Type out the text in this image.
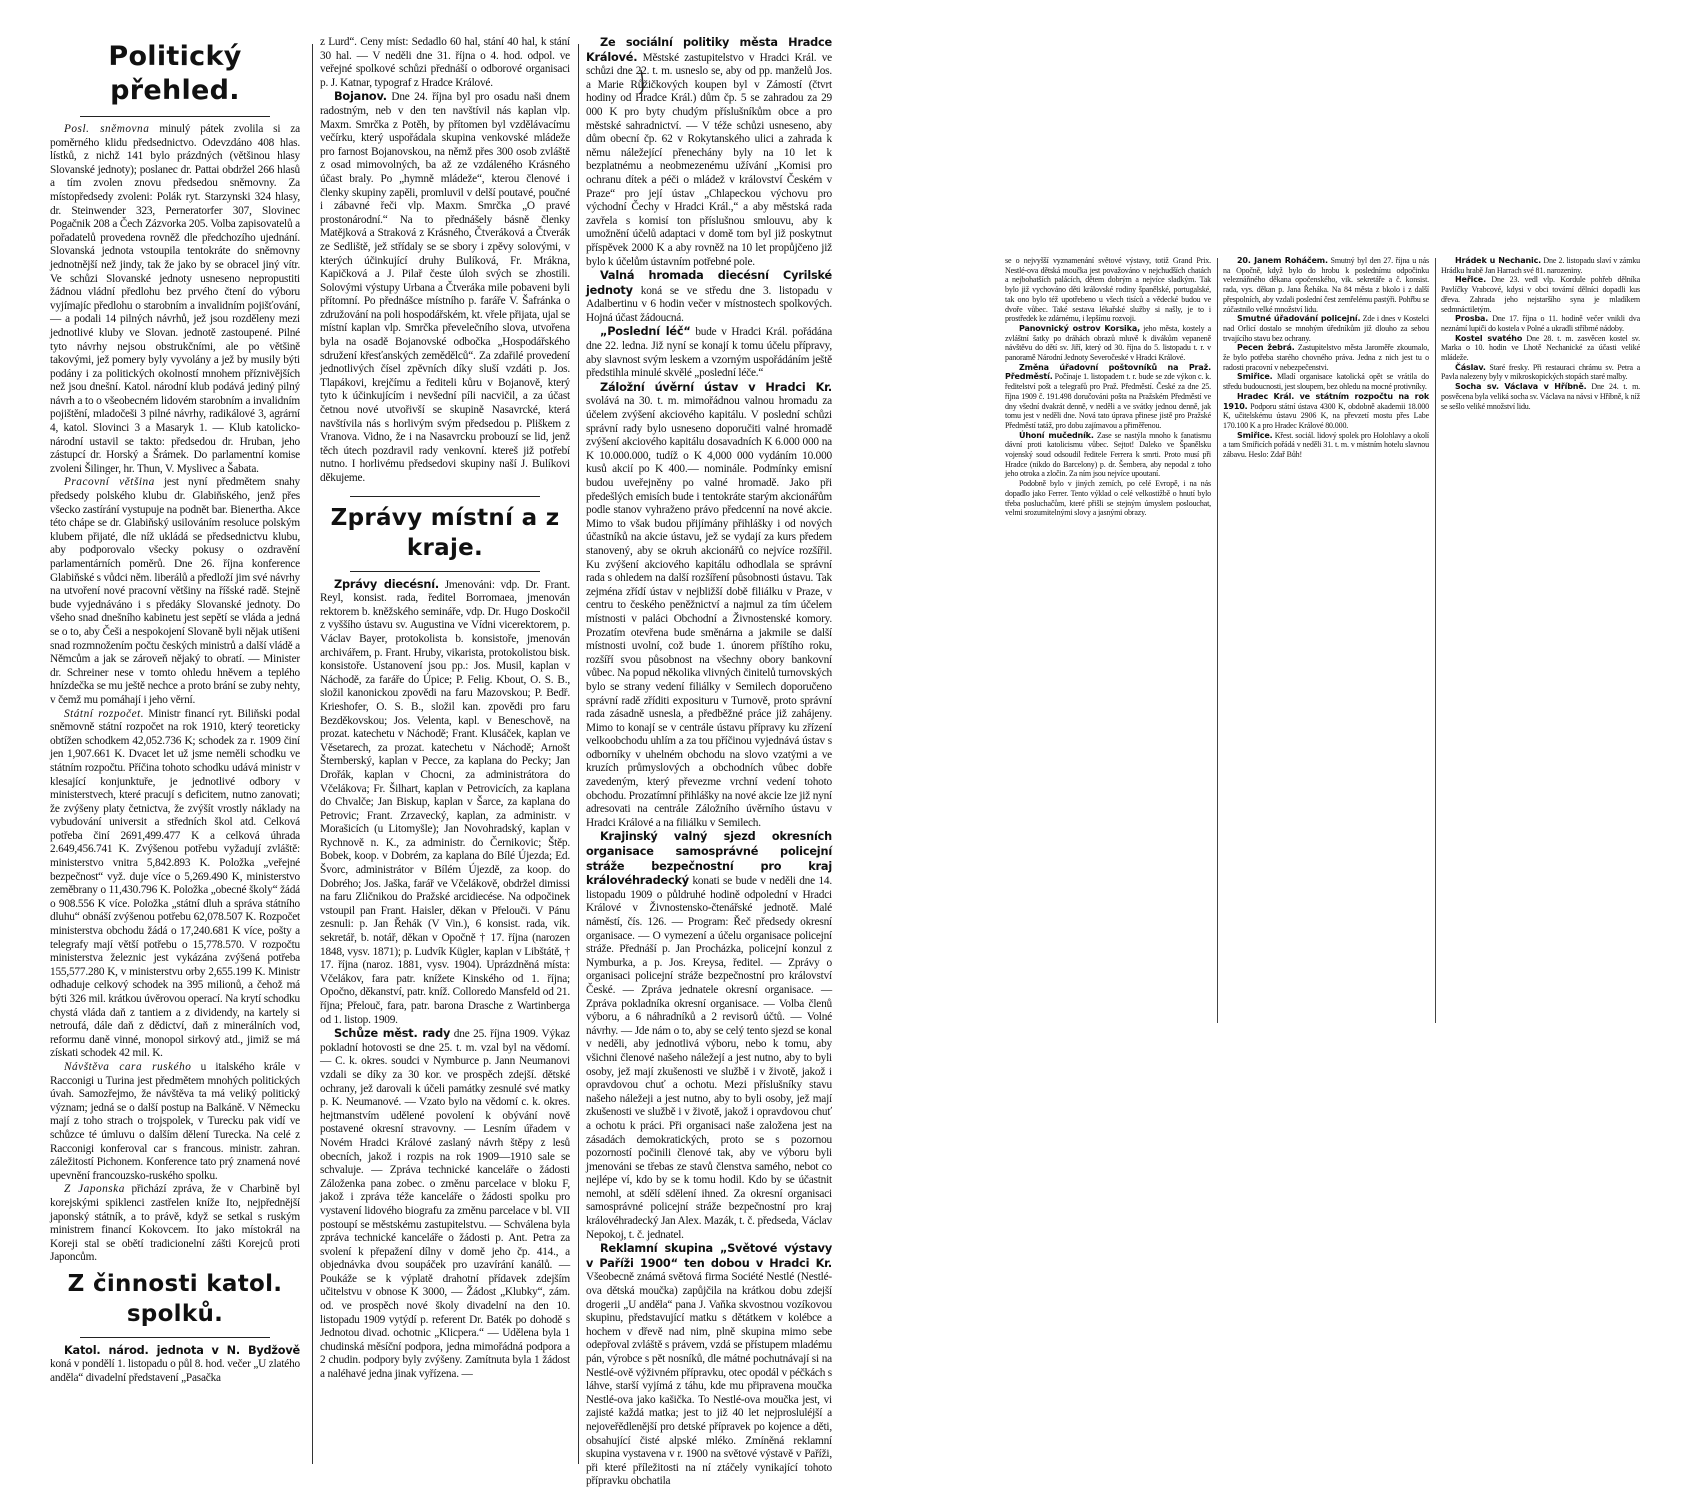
Politický přehled.

Posl. sněmovna minulý pátek zvolila si za poměrného klidu předsednictvo. Odevzdáno 408 hlas. lístků, z nichž 141 bylo prázdných (většinou hlasy Slovanské jednoty); poslanec dr. Pattai obdržel 266 hlasů a tím zvolen znovu předsedou sněmovny. Za místopředsedy zvoleni: Polák ryt. Starzynski 324 hlasy, dr. Steinwender 323, Perneratorfer 307, Slovinec Pogačnik 208 a Čech Zázvorka 205. Volba zapisovatelů a pořadatelů provedena rovněž dle předchozího ujednání. Slovanská jednota vstoupila tentokráte do sněmovny jednotnější než jindy, tak že jako by se obracel jiný vítr. Ve schůzi Slovanské jednoty usneseno nepropustiti žádnou vládní předlohu bez prvého čtení do výboru vyjímajíc předlohu o starobním a invalidním pojišťování, — a podali 14 pilných návrhů, jež jsou rozděleny mezi jednotlivé kluby ve Slovan. jednotě zastoupené. Pilné tyto návrhy nejsou obstrukčními, ale po většině takovými, jež pomery byly vyvolány a jež by musily býti podány i za politických okolností mnohem příznivějších než jsou dnešní. Katol. národní klub podává jediný pilný návrh a to o všeobecném lidovém starobním a invalidním pojištění, mladočeši 3 pilné návrhy, radikálové 3, agrární 4, katol. Slovinci 3 a Masaryk 1. — Klub katolicko-národní ustavil se takto: předsedou dr. Hruban, jeho zástupcí dr. Horský a Šrámek. Do parlamentní komise zvoleni Šilinger, hr. Thun, V. Myslivec a Šabata.

Pracovní většina jest nyní předmětem snahy předsedy polského klubu dr. Glabiňského, jenž přes všecko zastírání vystupuje na podnět bar. Bienertha. Akce této chápe se dr. Glabiňský usilováním resoluce polským klubem přijaté, dle níž ukládá se předsednictvu klubu, aby podporovalo všecky pokusy o ozdravění parlamentárních poměrů. Dne 26. října konference Glabiňské s vůdci něm. liberálů a předloží jim své návrhy na utvoření nové pracovní většiny na říšské radě. Stejně bude vyjednáváno i s předáky Slovanské jednoty. Do všeho snad dnešního kabinetu jest sepětí se vláda a jedná se o to, aby Češi a nespokojení Slovaně byli nějak utišeni snad rozmnožením počtu českých ministrů a další vládě a Němcům a jak se zároveň nějaký to obratí. — Minister dr. Schreiner nese v tomto ohledu hněvem a teplého hnízdečka se mu ještě nechce a proto brání se zuby nehty, v čemž mu pomáhají i jeho věrní.

Státní rozpočet. Ministr financí ryt. Biliňski podal sněmovně státní rozpočet na rok 1910, který teoreticky obtížen schodkem 42,052.736 K; schodek za r. 1909 činí jen 1,907.661 K. Dvacet let už jsme neměli schodku ve státním rozpočtu. Příčina tohoto schodku udává ministr v klesající konjunktuře, je jednotlivé odbory v ministerstvech, které pracují s deficitem, nutno zanovati; že zvýšeny platy četnictva, že zvýšít vrostly náklady na vybudování universit a středních škol atd. Celková potřeba činí 2691,499.477 K a celková úhrada 2.649,456.741 K. Zvýšenou potřebu vyžadují zvláště: ministerstvo vnitra 5,842.893 K. Položka „veřejné bezpečnost“ vyž. duje více o 5,269.490 K, ministerstvo zeměbrany o 11,430.796 K. Položka „obecné školy“ žádá o 908.556 K více. Položka „státní dluh a správa státního dluhu“ obnáší zvýšenou potřebu 62,078.507 K. Rozpočet ministerstva obchodu žádá o 17,240.681 K více, pošty a telegrafy mají větší potřebu o 15,778.570. V rozpočtu ministerstva železnic jest vykázána zvýšená potřeba 155,577.280 K, v ministerstvu orby 2,655.199 K. Ministr odhaduje celkový schodek na 395 milionů, a čehož má býti 326 mil. krátkou úvěrovou operací. Na krytí schodku chystá vláda daň z tantiem a z dividendy, na kartely si netroufá, dále daň z dědictví, daň z minerálních vod, reformu daně vinné, monopol sirkový atd., jimiž se má získati schodek 42 mil. K.

Návštěva cara ruského u italského krále v Racconigi u Turina jest předmětem mnohých politických úvah. Samozřejmo, že návštěva ta má veliký politický význam; jedná se o další postup na Balkáně. V Německu mají z toho strach o trojspolek, v Turecku pak vidí ve schůzce té úmluvu o dalším dělení Turecka. Na celé z Racconigi konferoval car s francous. ministr. zahran. záležitostí Pichonem. Konference tato prý znamená nové upevnění francouzsko-ruského spolku.

Z Japonska přichází zpráva, že v Charbině byl korejskými spiklenci zastřelen kníže Ito, nejpřednější japonský státník, a to právě, když se setkal s ruským ministrem financí Kokovcem. Ito jako místokrál na Koreji stal se obětí tradicionelní zášti Korejců proti Japoncům.

Z činnosti katol. spolků.

Katol. národ. jednota v N. Bydžově koná v pondělí 1. listopadu o půl 8. hod. večer „U zlatého anděla“ divadelní představení „Pasačka

z Lurd“. Ceny míst: Sedadlo 60 hal, stání 40 hal, k stání 30 hal. — V neděli dne 31. října o 4. hod. odpol. ve veřejné spolkové schůzi přednáší o odborové organisaci p. J. Katnar, typograf z Hradce Králové.

Bojanov. Dne 24. října byl pro osadu naši dnem radostným, neb v den ten navštívil nás kaplan vlp. Maxm. Smrčka z Potěh, by přítomen byl vzdělávacímu večírku, který uspořádala skupina venkovské mládeže pro farnost Bojanovskou, na němž přes 300 osob zvláště z osad mimovolných, ba až ze vzdáleného Krásného účast braly. Po „hymně mládeže“, kterou členové i členky skupiny zapěli, promluvil v delší poutavé, poučné i zábavné řeči vlp. Maxm. Smrčka „O pravé prostonárodní.“ Na to přednášely básně členky Matějková a Straková z Krásného, Čtveráková a Čtverák ze Sedliště, jež střídaly se se sbory i zpěvy solovými, v kterých účinkující druhy Bulíková, Fr. Mrákna, Kapičková a J. Pilař česte úloh svých se zhostili. Solovými výstupy Urbana a Čtveráka mile pobaveni byli přítomní. Po přednášce místního p. faráře V. Šafránka o združování na poli hospodářském, kt. vřele přijata, ujal se místní kaplan vlp. Smrčka převelečního slova, utvořena byla na osadě Bojanovské odbočka „Hospodářského sdružení křesťanských zemědělců“. Za zdařilé provedení jednotlivých čísel zpěvních díky sluší vzdáti p. Jos. Tlapákovi, krejčímu a řediteli kůru v Bojanově, který tyto k účinkujícím i nevšední píli nacvičil, a za účast četnou nové utvořivší se skupině Nasavrcké, která navštívila nás s horlivým svým předsedou p. Pliškem z Vranova. Vidno, že i na Nasavrcku probouzí se lid, jenž těch útech pozdravil rady venkovní. ktereš již potřebí nutno. I horlivému předsedovi skupiny naší J. Bulíkovi děkujeme.

Zprávy místní a z kraje.

Zprávy diecésní. Jmenováni: vdp. Dr. Frant. Reyl, konsist. rada, ředitel Borromaea, jmenován rektorem b. kněžského semináře, vdp. Dr. Hugo Doskočil z vyššího ústavu sv. Augustina ve Vídni vicerektorem, p. Václav Bayer, protokolista b. konsistoře, jmenován archivářem, p. Frant. Hruby, vikarista, protokolistou bisk. konsistoře. Ustanovení jsou pp.: Jos. Musil, kaplan v Náchodě, za faráře do Úpice; P. Felig. Kbout, O. S. B., složil kanonickou zpovědi na faru Mazovskou; P. Bedř. Krieshofer, O. S. B., složil kan. zpovědi pro faru Bezděkovskou; Jos. Velenta, kapl. v Beneschově, na prozat. katechetu v Náchodě; Frant. Klusáček, kaplan ve Věsetarech, za prozat. katechetu v Náchodě; Arnošt Šternberský, kaplan v Pecce, za kaplana do Pecky; Jan Drořák, kaplan v Chocni, za administrátora do Včelákova; Fr. Šilhart, kaplan v Petrovicích, za kaplana do Chvalče; Jan Biskup, kaplan v Šarce, za kaplana do Petrovic; Frant. Zrzavecký, kaplan, za administr. v Morašicích (u Litomyšle); Jan Novohradský, kaplan v Rychnově n. K., za administr. do Černikovic; Štěp. Bobek, koop. v Dobrém, za kaplana do Bílé Újezda; Ed. Švorc, administrátor v Bílém Újezdě, za koop. do Dobrého; Jos. Jaška, farář ve Včelákově, obdržel dimissi na faru Zličnikou do Pražské arcidiecése. Na odpočinek vstoupil pan Frant. Haisler, děkan v Přelouči. V Pánu zesnuli: p. Jan Řehák (V Vin.), 6 konsist. rada, vik. sekretář, b. notář, děkan v Opočně † 17. října (narozen 1848, vysv. 1871); p. Ludvík Kügler, kaplan v Libštátě, † 17. října (naroz. 1881, vysv. 1904). Uprázdněná místa: Včelákov, fara patr. knížete Kinského od 1. října; Opočno, děkanství, patr. kníž. Colloredo Mansfeld od 21. října; Přelouč, fara, patr. barona Drasche z Wartinberga od 1. listop. 1909.

Schůze měst. rady dne 25. října 1909. Výkaz pokladní hotovosti se dne 25. t. m. vzal byl na vědomí. — C. k. okres. soudci v Nymburce p. Jann Neumanovi vzdali se díky za 30 kor. ve prospěch zdejší. dětské ochrany, jež darovali k účeli památky zesnulé své matky p. K. Neumanové. — Vzato bylo na vědomí c. k. okres. hejtmanstvím udělené povolení k obývání nově postavené okresní stravovny. — Lesním úřadem v Novém Hradci Králové zaslaný návrh štěpy z lesů obecních, jakož i rozpis na rok 1909—1910 sale se schvaluje. — Zpráva technické kanceláře o žádosti Záloženka pana zobec. o změnu parcelace v bloku F, jakož i zpráva téže kanceláře o žádosti spolku pro vystavení lidového biografu za změnu parcelace v bl. VII postoupí se městskému zastupitelstvu. — Schválena byla zpráva technické kanceláře o žádosti p. Ant. Petra za svolení k přepažení dílny v domě jeho čp. 414., a objednávka dvou soupáček pro uzavírání kanálů. — Poukáže se k výplatě drahotní přídavek zdejším učitelstvu v obnose K 3000, — Žádost „Klubky“, zám. od. ve prospěch nové školy divadelní na den 10. listopadu 1909 vytýdí p. referent Dr. Baték po dohodě s Jednotou divad. ochotnic „Klicperа.“ — Udělena byla 1 chudinská měsíční podpora, jedna mimořádná podpora a 2 chudin. podpory byly zvýšeny. Zamítnuta byla 1 žádost a naléhavé jedna jinak vyřízena. —

Ze sociální politiky města Hradce Králové. Městské zastupitelstvo v Hradci Král. ve schůzi dne 22. t. m. usneslo se, aby od pp. manželů Jos. a Marie Růžičkových koupen byl v Zámostí (čtvrt hodiny od Hradce Král.) dům čp. 5 se zahradou za 29 000 K pro byty chudým příslušníkům obce a pro městské sahradnictví. — V téže schůzi usneseno, aby dům obecní čp. 62 v Rokytanského ulici a zahrada k němu náležející přenechány byly na 10 let k bezplatnému a neobmezenému užívání „Komisi pro ochranu dítek a péči o mládež v království Českém v Praze“ pro její ústav „Chlapeckou výchovu pro východní Čechy v Hradci Král.,“ a aby městská rada zavřela s komisí ton příslušnou smlouvu, aby k umožnění účelů adaptaci v domě tom byl již poskytnut příspěvek 2000 K a aby rovněž na 10 let propůjčeno již bylo k účelům ústavním potřebné pole.

Valná hromada diecésní Cyrilské jednoty koná se ve středu dne 3. listopadu v Adalbertinu v 6 hodin večer v místnostech spolkových. Hojná účast žádoucná.

„Poslední léč“ bude v Hradci Král. pořádána dne 22. ledna. Již nyní se konají k tomu účelu přípravy, aby slavnost svým leskem a vzorným uspořádáním ještě předstihla minulé skvělé „poslední léče.“

Záložní úvěrní ústav v Hradci Kr. svolává na 30. t. m. mimořádnou valnou hromadu za účelem zvýšení akciového kapitálu. V poslední schůzi správní rady bylo usneseno doporučiti valné hromadě zvýšení akciového kapitálu dosavadních K 6.000 000 na K 10.000.000, tudíž o K 4,000 000 vydáním 10.000 kusů akcií po K 400.— nominále. Podmínky emisní budou uveřejněny po valné hromadě. Jako při předešlých emisích bude i tentokráte starým akcionářům podle stanov vyhraženo právo předcenní na nové akcie. Mimo to však budou přijímány přihlášky i od nových účastníků na akcie ústavu, jež se vydají za kurs předem stanovený, aby se okruh akcionářů co nejvíce rozšířil. Ku zvýšení akciového kapitálu odhodlala se správní rada s ohledem na další rozšíření působnosti ústavu. Tak zejména zřídí ústav v nejbližší době filiálku v Praze, v centru to českého peněžnictví a najmul za tím účelem místnosti v paláci Obchodní a Živnostenské komory. Prozatím otevřena bude směnárna a jakmile se další místnosti uvolní, což bude 1. únorem příštího roku, rozšíří svou působnost na všechny obory bankovní vůbec. Na popud několika vlivných činitelů turnovských bylo se strany vedení filiálky v Semilech doporučeno správní radě zříditi exposituru v Turnově, proto správní rada zásadně usnesla, a předběžné práce již zahájeny. Mimo to konají se v centrále ústavu přípravy ku zřízení velkoobchodu uhlím a za tou příčinou vyjednává ústav s odborníky v uhelném obchodu na slovo vzatými a ve kruzích průmyslových a obchodních vůbec dobře zavedeným, který převezme vrchní vedení tohoto obchodu. Prozatímní přihlášky na nové akcie lze již nyní adresovati na centrále Záložního úvěrního ústavu v Hradci Králové a na filiálku v Semilech.

Krajinský valný sjezd okresních organisace samosprávné policejní stráže bezpečnostní pro kraj královéhradecký konati se bude v neděli dne 14. listopadu 1909 o půldruhé hodině odpolední v Hradci Králové v Živnostensko-čtenářské jednotě. Malé náměstí, čís. 126. — Program: Řeč předsedy okresní organisace. — O vymezení a účelu organisace policejní stráže. Přednáší p. Jan Procházka, policejní konzul z Nymburka, a p. Jos. Kreysa, ředitel. — Zprávy o organisaci policejní stráže bezpečnostní pro království České. — Zpráva jednatele okresní organisace. — Zpráva pokladníka okresní organisace. — Volba členů výboru, a 6 náhradníků a 2 revisorů účtů. — Volné návrhy. — Jde nám o to, aby se celý tento sjezd se konal v neděli, aby jednotlivá výboru, nebo k tomu, aby všichni členové našeho náležejí a jest nutno, aby to byli osoby, jež mají zkušenosti ve službě i v životě, jakož i opravdovou chuť a ochotu. Mezi příslušníky stavu našeho náležeji a jest nutno, aby to byli osoby, jež mají zkušenosti ve službě i v životě, jakož i opravdovou chuť a ochotu k práci. Při organisaci naše založena jest na zásadách demokratických, proto se s pozornou pozorností počinili členové tak, aby ve výboru byli jmenováni se třebas ze stavů členstva samého, nebot co nejlépe ví, kdo by se k tomu hodil. Kdo by se účastnit nemohl, at sdělí sdělení ihned. Za okresní organisaci samosprávné policejní stráže bezpečnostní pro kraj královéhradecký Jan Alex. Mazák, t. č. předseda, Václav Nepokoj, t. č. jednatel.

Reklamní skupina „Světové výstavy v Paříži 1900“ ten dobou v Hradci Kr. Všeobecně známá světová firma Société Nestlé (Nestlé-ova dětská moučka) zapůjčila na krátkou dobu zdejší drogerii „U anděla“ pana J. Vaňka skvostnou vozíkovou skupinu, představující matku s dětátkem v kolébce a hochem v dřevě nad nim, plně skupina mimo sebe odepřoval zvláště s právem, vzdá se přístupem mladému pán, výrobce s pět nosníků, dle mátné pochutnávají si na Nestlé-ově výživném přípravku, otec opodál v péčkách s láhve, starší vyjímá z táhu, kde mu připravena moučka Nestlé-ova jako kašička. To Nestlé-ova moučka jest, vi zajisté každá matka; jest to již 40 let nejprosluléjší a nejoveřědlenější pro detské přípravek po kojence a děti, obsahující čisté alpské mléko. Zmíněná reklamní skupina vystavena v r. 1900 na světové výstavě v Paříži, při které příležitosti na ní ztáčely vynikající tohoto přípravku obchatila

se o nejvyšší vyznamenání světové výstavy, totiž Grand Prix. Nestlé-ova dětská moučka jest považováno v nejchudších chatách a nejbohatších palácích, dětem dobrým a nejvíce sladkým. Tak bylo již vychováno děti královské rodiny španělské, portugalské, tak ono bylo též upotřebeno u všech tisíců a vědecké budou ve dvoře vůbec. Také sestava lékařské služby si našly, je to i prostředek ke zdárnému, i lepšímu rozvoji.

Panovnický ostrov Korsika, jeho města, kostely a zvláštní šatky po dráhách obrazů mluvě k divákům vepaneně návštěvu do dětí sv. Jiří, který od 30. října do 5. listopadu t. r. v panoramě Národní Jednoty Severočeské v Hradci Králové.

Změna úřadovní poštovníků na Praž. Předměstí. Počínaje 1. listopadem t. r. bude se zde výkon c. k. ředitelství pošt a telegrafů pro Praž. Předměstí. České za dne 25. října 1909 č. 191.498 doručováni pošta na Pražském Předměstí ve dny všední dvakrát denně, v neděli a ve svátky jednou denně, jak tomu jest v neděli dne. Nová tato úprava přinese jistě pro Pražské Předměstí tatáž, pro dobu zajímavou a přiměřenou.

Úhoní mučedník. Zase se nastýla mnoho k fanatismu dávní proti katolicismu vůbec. Sejtot! Daleko ve Španělsku vojenský soud odsoudil ředitele Ferrera k smrti. Proto musí při Hradce (nikdo do Barcelony) p. dr. Šembera, aby nepodal z toho jeho otroka a zločin. Za ním jsou nejvíce upoutaní.

Podobně bylo v jiných zemích, po celé Evropě, i na nás dopadlo jako Ferrer. Tento výklad o celé velkostižbě o hnutí bylo třeba posluchačům, které přišli se stejným úmyslem poslouchat, velmi srozumitelnými slovy a jasnými obrazy.

20. Janem Roháčem. Smutný byl den 27. října u nás na Opočně, když bylo do hrobu k poslednímu odpočinku veleznáňného děkana opočenského, vik. sekretáře a č. konsist. rada, vys. děkan p. Jana Řeháka. Na 84 města z bkolo i z další přespolních, aby vzdali poslední čest zemřelému pastýři. Pohřbu se zúčastnilo velké množství lidu.

Smutné úřadování policejní. Zde i dnes v Kostelci nad Orlicí dostalo se mnohým úředníkům již dlouho za sebou trvajícího stavu bez ochrany.

Pecen žebrá. Zastupitelstvo města Jaroměře zkoumalo, že bylo potřeba starého chovného práva. Jedna z nich jest tu o radosti pracovní v nebezpečenstvi.

Smiřice. Mladí organisace katolická opět se vrátila do středu budoucnosti, jest sloupem, bez ohledu na mocné protivníky.

Hradec Král. ve státním rozpočtu na rok 1910. Podporu státní ústava 4300 K, obdobně akademii 18.000 K, učitelskému ústavu 2906 K, na převzetí mostu přes Labe 170.100 K a pro Hradec Králové 80.000.

Smiřice. Křest. sociál. lidový spolek pro Holohlavy a okolí a tam Smiřicích pořádá v neděli 31. t. m. v místním hotelu slavnou zábavu. Heslo: Zdař Bůh!

Hrádek u Nechanic. Dne 2. listopadu slaví v zámku Hrádku hrabě Jan Harrach své 81. narozeniny.

Heřice. Dne 23. vedl vlp. Kordule pohřeb dělníka Pavlíčky Vrabcové, kdysi v obci tovární dělníci dopadli kus dřeva. Zahrada jeho nejstaršího syna je mladíkem sedmnáctiletým.

Prosba. Dne 17. října o 11. hodině večer vnikli dva neznámí lupiči do kostela v Polné a ukradli stříbrné nádoby.

Kostel svatého Dne 28. t. m. zasvěcen kostel sv. Marka o 10. hodin ve Lhotě Nechanické za účasti veliké mládeže.

Čáslav. Staré fresky. Při restauraci chrámu sv. Petra a Pavla nalezeny byly v mikroskopických stopách staré malby.

Socha sv. Václava v Hříbně. Dne 24. t. m. posvěcena byla veliká socha sv. Václava na návsi v Hříbně, k níž se sešlo veliké množství lidu.
